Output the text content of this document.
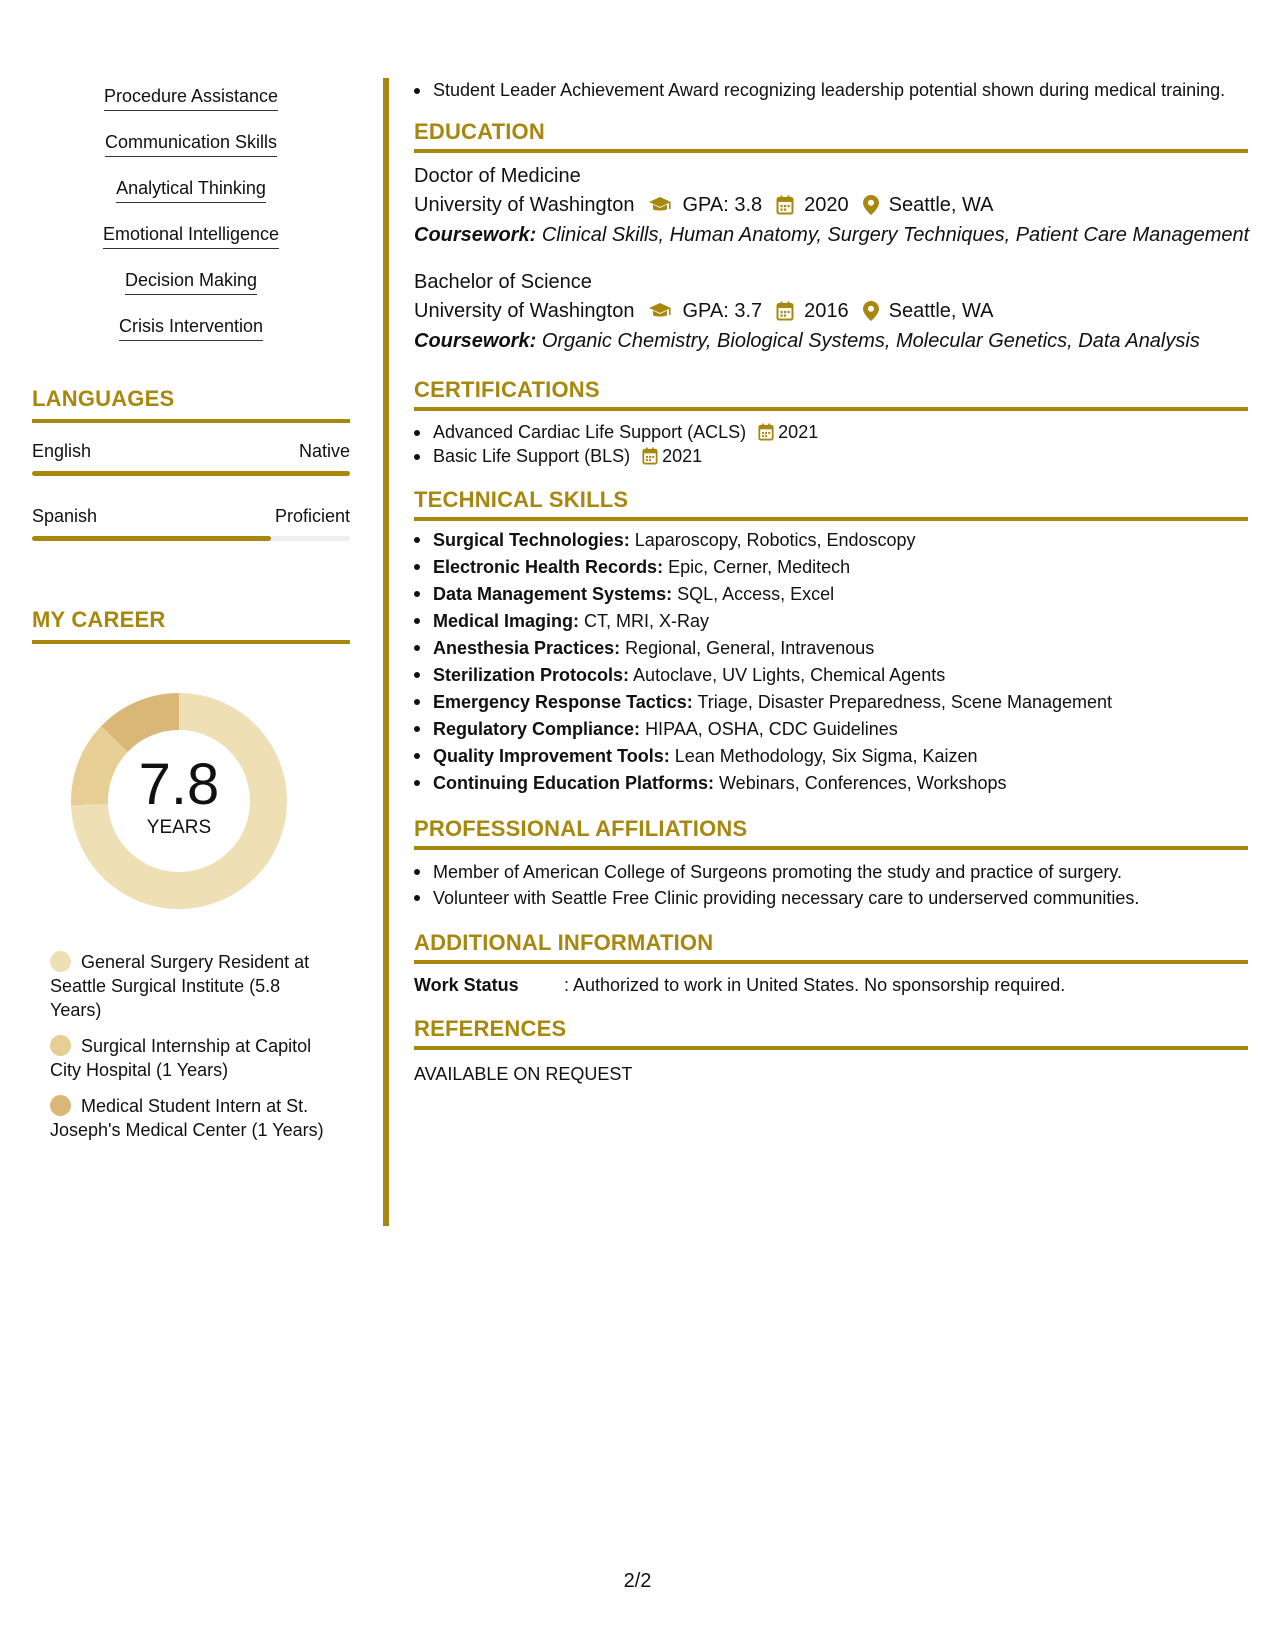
Procedure Assistance
Communication Skills
Analytical Thinking
Emotional Intelligence
Decision Making
Crisis Intervention
LANGUAGES
English	Native
Spanish	Proficient
MY CAREER
7.8
YEARS
General Surgery Resident at Seattle Surgical Institute (5.8 Years)
Surgical Internship at Capitol City Hospital (1 Years)
Medical Student Intern at St. Joseph's Medical Center (1 Years)
Student Leader Achievement Award recognizing leadership potential shown during medical training.
EDUCATION
Doctor of Medicine
University of Washington GPA: 3.8 2020 Seattle, WA
Coursework: Clinical Skills, Human Anatomy, Surgery Techniques, Patient Care Management
Bachelor of Science
University of Washington GPA: 3.7 2016 Seattle, WA
Coursework: Organic Chemistry, Biological Systems, Molecular Genetics, Data Analysis
CERTIFICATIONS
Advanced Cardiac Life Support (ACLS) 2021
Basic Life Support (BLS) 2021
TECHNICAL SKILLS
Surgical Technologies: Laparoscopy, Robotics, Endoscopy
Electronic Health Records: Epic, Cerner, Meditech
Data Management Systems: SQL, Access, Excel
Medical Imaging: CT, MRI, X-Ray
Anesthesia Practices: Regional, General, Intravenous
Sterilization Protocols: Autoclave, UV Lights, Chemical Agents
Emergency Response Tactics: Triage, Disaster Preparedness, Scene Management
Regulatory Compliance: HIPAA, OSHA, CDC Guidelines
Quality Improvement Tools: Lean Methodology, Six Sigma, Kaizen
Continuing Education Platforms: Webinars, Conferences, Workshops
PROFESSIONAL AFFILIATIONS
Member of American College of Surgeons promoting the study and practice of surgery.
Volunteer with Seattle Free Clinic providing necessary care to underserved communities.
ADDITIONAL INFORMATION
Work Status	: Authorized to work in United States. No sponsorship required.
REFERENCES
AVAILABLE ON REQUEST
2/2
